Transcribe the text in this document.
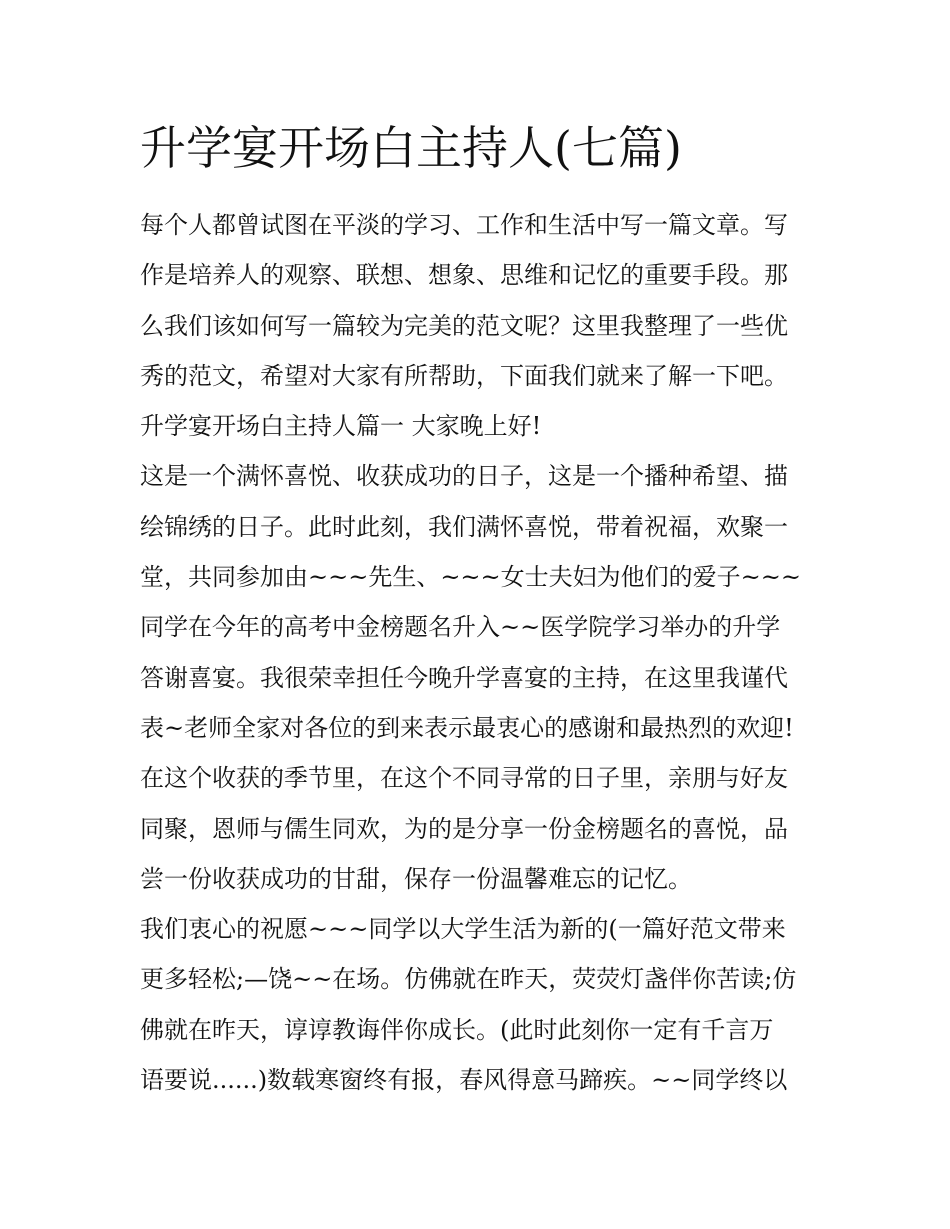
升学宴开场白主持人(七篇)
每个人都曾试图在平淡的学习、工作和生活中写一篇文章。写
作是培养人的观察、联想、想象、思维和记忆的重要手段。那
么我们该如何写一篇较为完美的范文呢？这里我整理了一些优
秀的范文，希望对大家有所帮助，下面我们就来了解一下吧。
升学宴开场白主持人篇一 大家晚上好!
这是一个满怀喜悦、收获成功的日子，这是一个播种希望、描
绘锦绣的日子。此时此刻，我们满怀喜悦，带着祝福，欢聚一
堂，共同参加由~~~先生、~~~女士夫妇为他们的爱子~~~
同学在今年的高考中金榜题名升入~~医学院学习举办的升学
答谢喜宴。我很荣幸担任今晚升学喜宴的主持，在这里我谨代
表~老师全家对各位的到来表示最衷心的感谢和最热烈的欢迎!
在这个收获的季节里，在这个不同寻常的日子里，亲朋与好友
同聚，恩师与儒生同欢，为的是分享一份金榜题名的喜悦，品
尝一份收获成功的甘甜，保存一份温馨难忘的记忆。
我们衷心的祝愿~~~同学以大学生活为新的(一篇好范文带来
更多轻松;—饶~~在场。仿佛就在昨天，荧荧灯盏伴你苦读;仿
佛就在昨天，谆谆教诲伴你成长。(此时此刻你一定有千言万
语要说......)数载寒窗终有报，春风得意马蹄疾。~~同学终以
